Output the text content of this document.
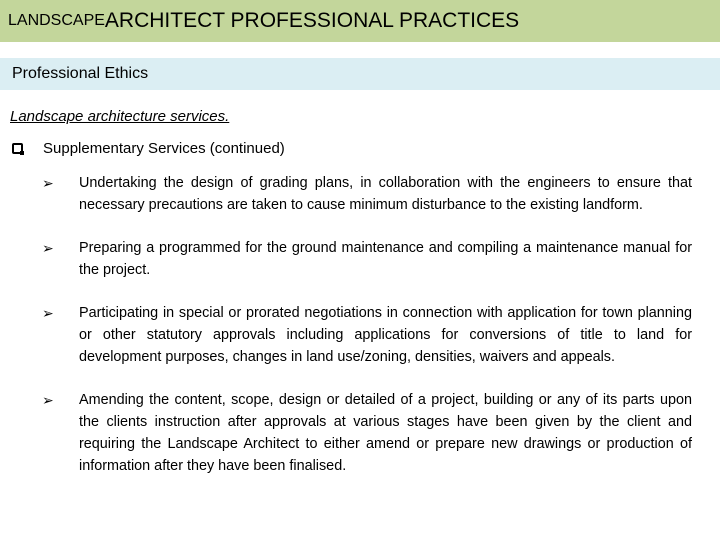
LANDSCAPE ARCHITECT PROFESSIONAL PRACTICES
Professional Ethics
Landscape architecture services.
Supplementary Services (continued)
➢ Undertaking the design of grading plans, in collaboration with the engineers to ensure that necessary precautions are taken to cause minimum disturbance to the existing landform.
➢ Preparing a programmed for the ground maintenance and compiling a maintenance manual for the project.
➢ Participating in special or prorated negotiations in connection with application for town planning or other statutory approvals including applications for conversions of title to land for development purposes, changes in land use/zoning, densities, waivers and appeals.
➢ Amending the content, scope, design or detailed of a project, building or any of its parts upon the clients instruction after approvals at various stages have been given by the client and requiring the Landscape Architect to either amend or prepare new drawings or production of information after they have been finalised.
